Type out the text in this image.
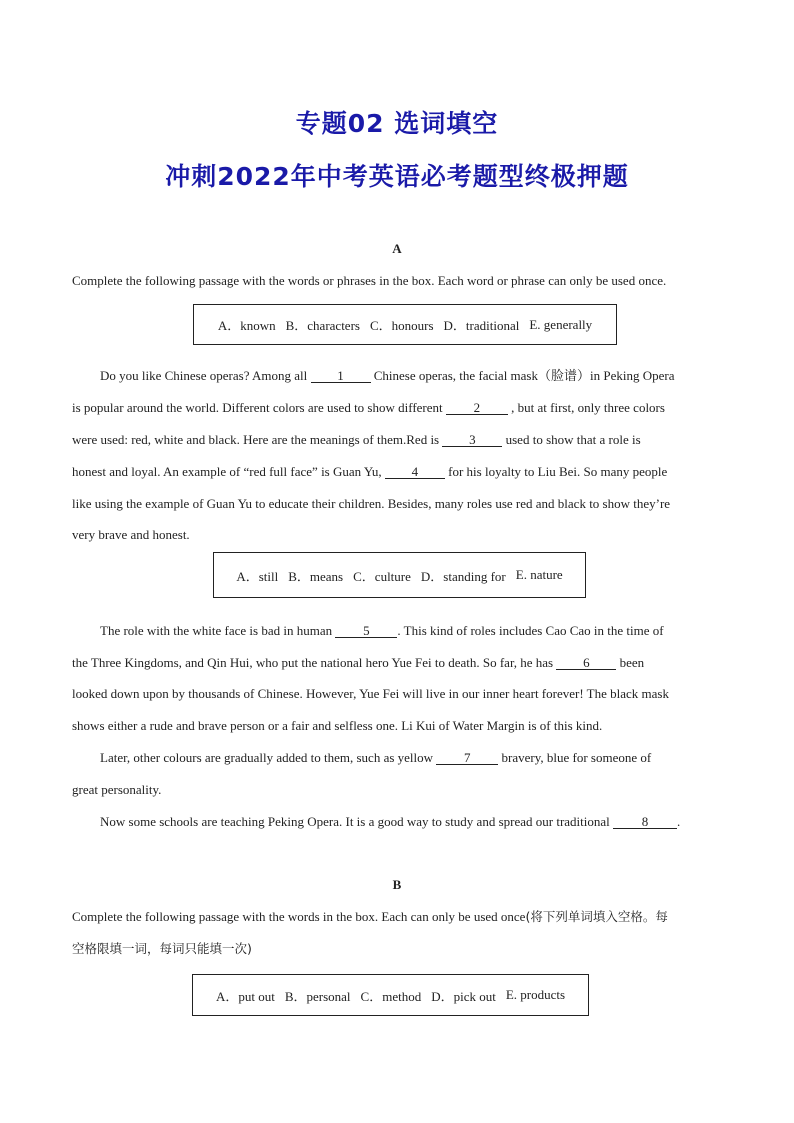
专题02 选词填空
冲刺2022年中考英语必考题型终极押题

A

Complete the following passage with the words or phrases in the box. Each word or phrase can only be used once.

A．known B．characters C．honours D．traditional E. generally

Do you like Chinese operas? Among all 1 Chinese operas, the facial mask（脸谱）in Peking Opera

is popular around the world. Different colors are used to show different 2 , but at first, only three colors

were used: red, white and black. Here are the meanings of them.Red is 3 used to show that a role is

honest and loyal. An example of “red full face” is Guan Yu, 4 for his loyalty to Liu Bei. So many people

like using the example of Guan Yu to educate their children. Besides, many roles use red and black to show they’re

very brave and honest.

A．still B．means C．culture D．standing for E. nature

The role with the white face is bad in human 5 . This kind of roles includes Cao Cao in the time of

the Three Kingdoms, and Qin Hui, who put the national hero Yue Fei to death. So far, he has 6 been

looked down upon by thousands of Chinese. However, Yue Fei will live in our inner heart forever! The black mask

shows either a rude and brave person or a fair and selfless one. Li Kui of Water Margin is of this kind.

Later, other colours are gradually added to them, such as yellow 7 bravery, blue for someone of

great personality.

Now some schools are teaching Peking Opera. It is a good way to study and spread our traditional 8 .

B

Complete the following passage with the words in the box. Each can only be used once(将下列单词填入空格。每

空格限填一词，每词只能填一次)

A．put out B．personal C．method D．pick out E. products
